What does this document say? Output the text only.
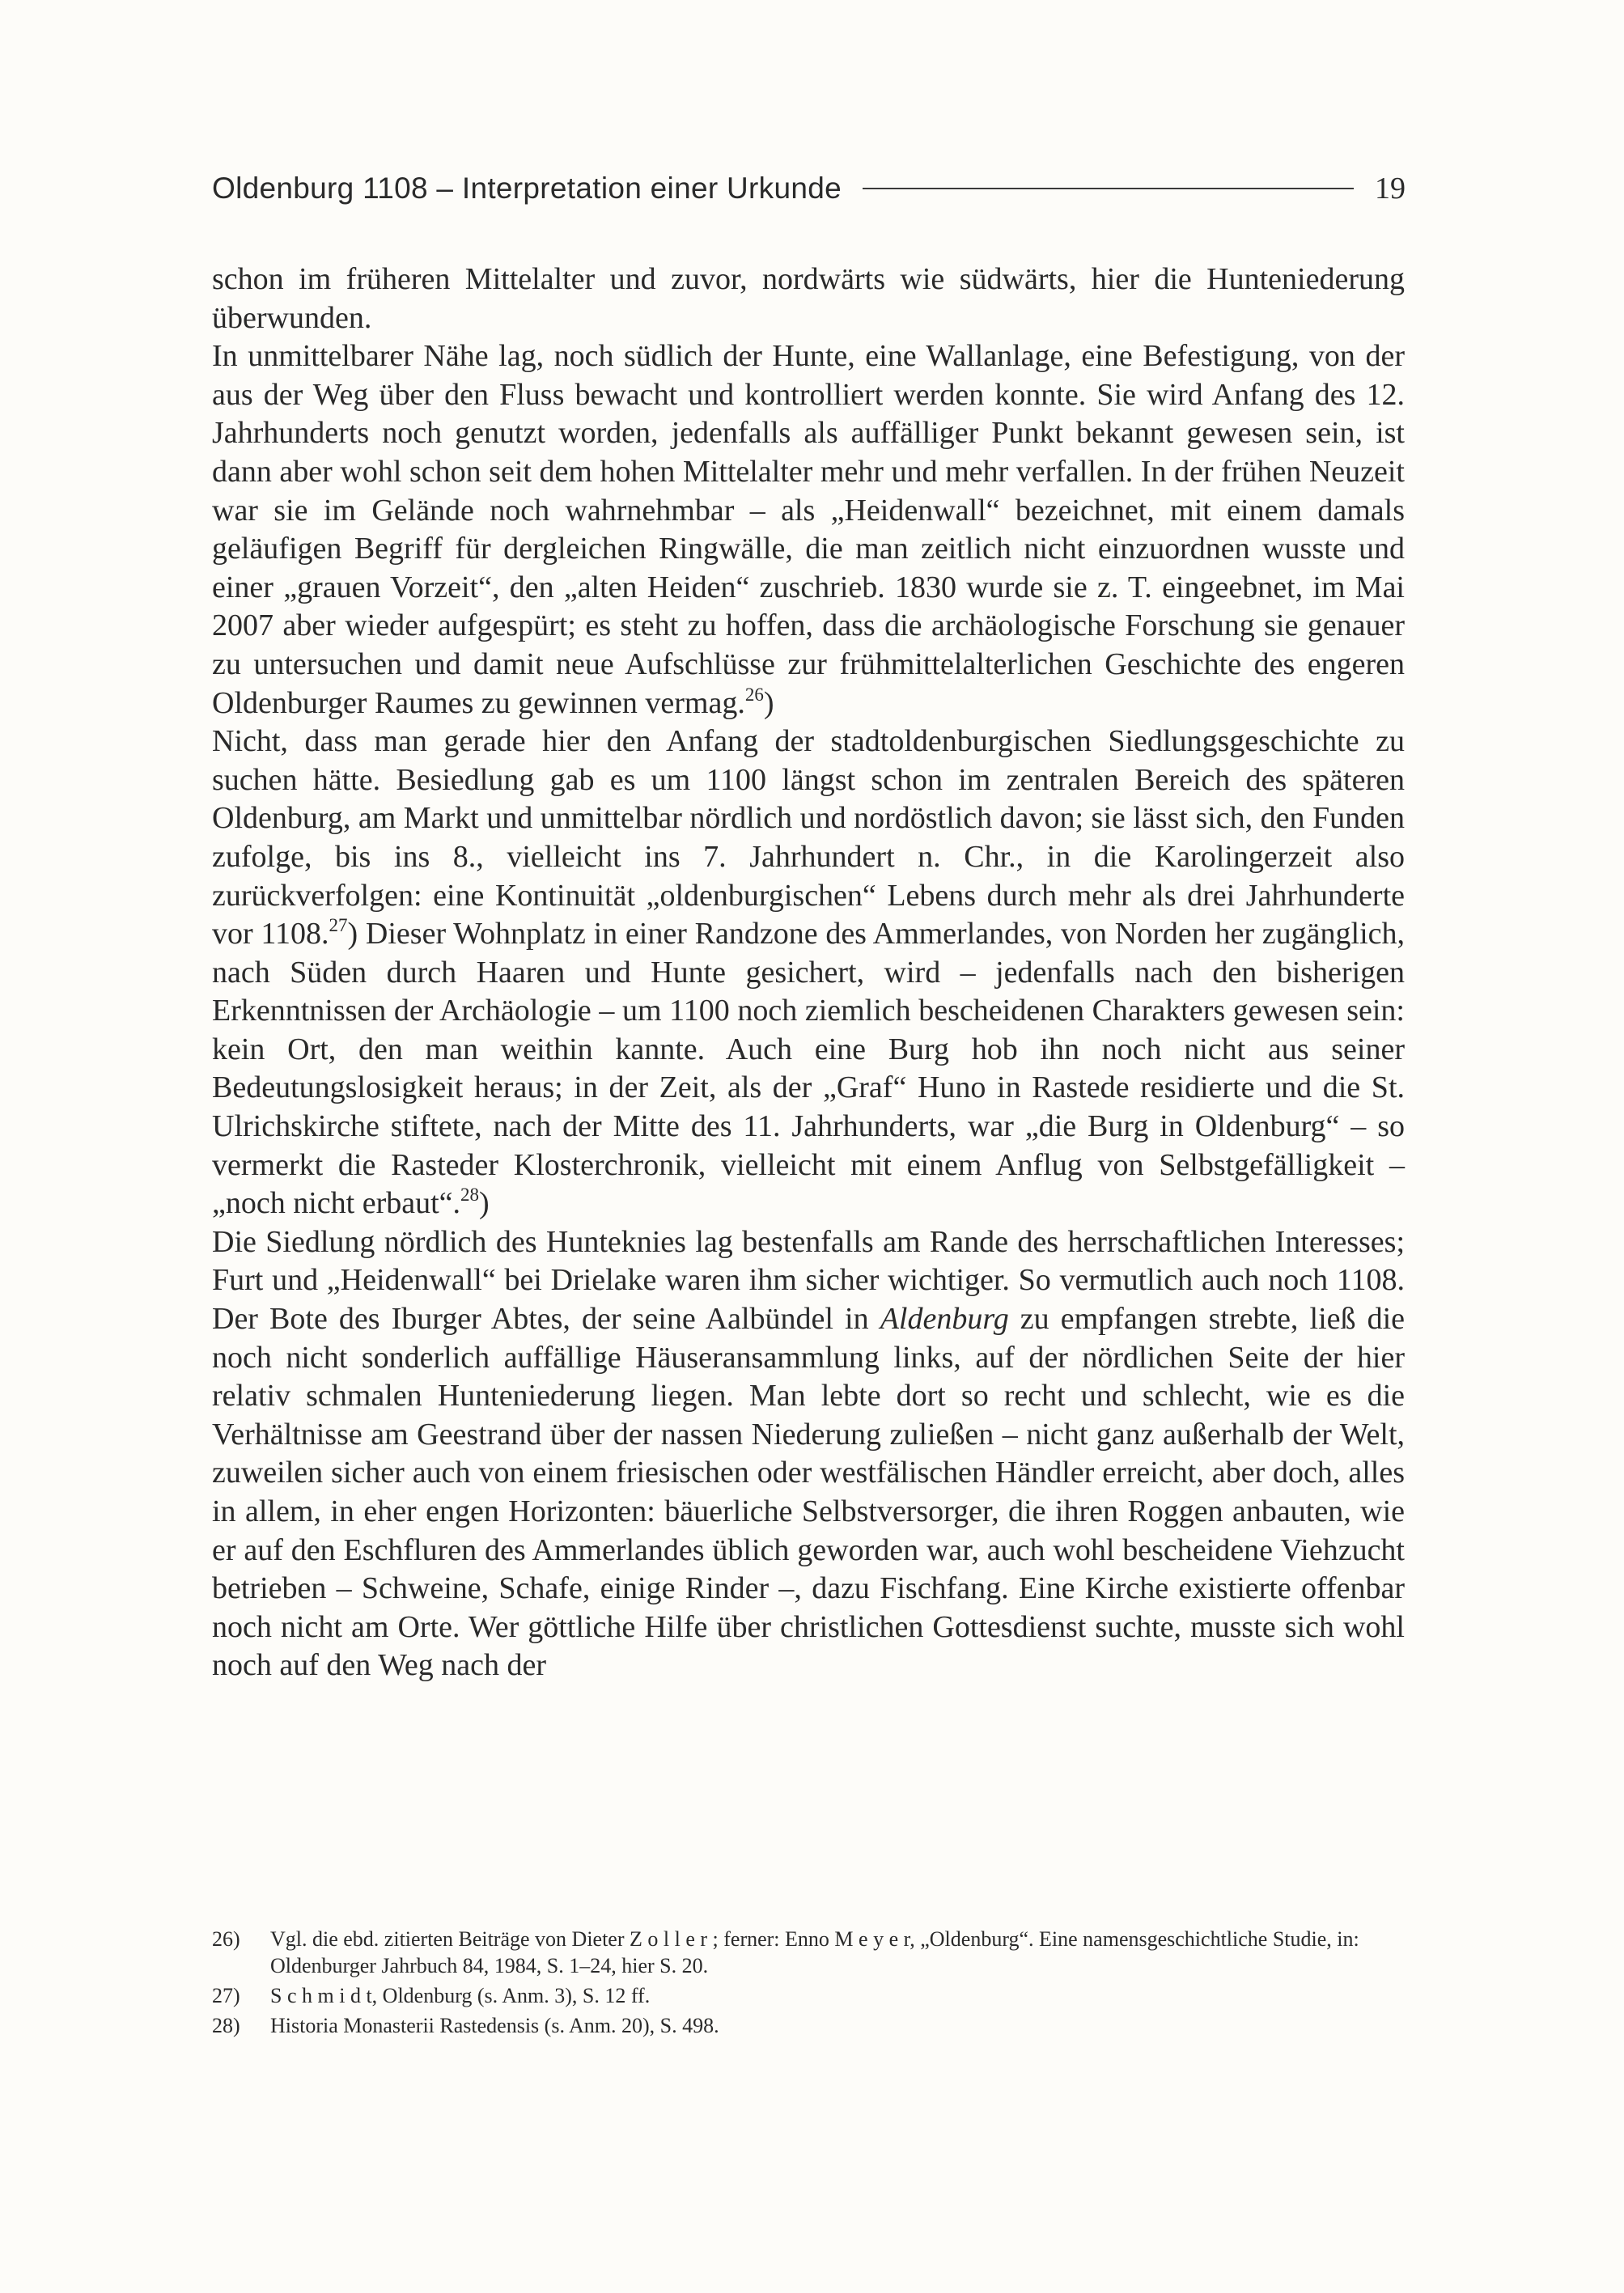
Oldenburg 1108 – Interpretation einer Urkunde	19

schon im früheren Mittelalter und zuvor, nordwärts wie südwärts, hier die Hunteniederung überwunden.

In unmittelbarer Nähe lag, noch südlich der Hunte, eine Wallanlage, eine Befestigung, von der aus der Weg über den Fluss bewacht und kontrolliert werden konnte. Sie wird Anfang des 12. Jahrhunderts noch genutzt worden, jedenfalls als auffälliger Punkt bekannt gewesen sein, ist dann aber wohl schon seit dem hohen Mittelalter mehr und mehr verfallen. In der frühen Neuzeit war sie im Gelände noch wahrnehmbar – als „Heidenwall“ bezeichnet, mit einem damals geläufigen Begriff für dergleichen Ringwälle, die man zeitlich nicht einzuordnen wusste und einer „grauen Vorzeit“, den „alten Heiden“ zuschrieb. 1830 wurde sie z. T. eingeebnet, im Mai 2007 aber wieder aufgespürt; es steht zu hoffen, dass die archäologische Forschung sie genauer zu untersuchen und damit neue Aufschlüsse zur frühmittelalterlichen Geschichte des engeren Oldenburger Raumes zu gewinnen vermag.$^{26}$)

Nicht, dass man gerade hier den Anfang der stadtoldenburgischen Siedlungsgeschichte zu suchen hätte. Besiedlung gab es um 1100 längst schon im zentralen Bereich des späteren Oldenburg, am Markt und unmittelbar nördlich und nordöstlich davon; sie lässt sich, den Funden zufolge, bis ins 8., vielleicht ins 7. Jahrhundert n. Chr., in die Karolingerzeit also zurückverfolgen: eine Kontinuität „oldenburgischen“ Lebens durch mehr als drei Jahrhunderte vor 1108.27) Dieser Wohnplatz in einer Randzone des Ammerlandes, von Norden her zugänglich, nach Süden durch Haaren und Hunte gesichert, wird – jedenfalls nach den bisherigen Erkenntnissen der Archäologie – um 1100 noch ziemlich bescheidenen Charakters gewesen sein: kein Ort, den man weithin kannte. Auch eine Burg hob ihn noch nicht aus seiner Bedeutungslosigkeit heraus; in der Zeit, als der „Graf“ Huno in Rastede residierte und die St. Ulrichskirche stiftete, nach der Mitte des 11. Jahrhunderts, war „die Burg in Oldenburg“ – so vermerkt die Rasteder Klosterchronik, vielleicht mit einem Anflug von Selbstgefälligkeit – „noch nicht erbaut“.$^{28}$)

Die Siedlung nördlich des Hunteknies lag bestenfalls am Rande des herrschaftlichen Interesses; Furt und „Heidenwall“ bei Drielake waren ihm sicher wichtiger. So vermutlich auch noch 1108. Der Bote des Iburger Abtes, der seine Aalbündel in Aldenburg zu empfangen strebte, ließ die noch nicht sonderlich auffällige Häuseransammlung links, auf der nördlichen Seite der hier relativ schmalen Hunteniederung liegen. Man lebte dort so recht und schlecht, wie es die Verhältnisse am Geestrand über der nassen Niederung zuließen – nicht ganz außerhalb der Welt, zuweilen sicher auch von einem friesischen oder westfälischen Händler erreicht, aber doch, alles in allem, in eher engen Horizonten: bäuerliche Selbstversorger, die ihren Roggen anbauten, wie er auf den Eschfluren des Ammerlandes üblich geworden war, auch wohl bescheidene Viehzucht betrieben – Schweine, Schafe, einige Rinder –, dazu Fischfang. Eine Kirche existierte offenbar noch nicht am Orte. Wer göttliche Hilfe über christlichen Gottesdienst suchte, musste sich wohl noch auf den Weg nach der

26)	Vgl. die ebd. zitierten Beiträge von Dieter Z o l l e r ; ferner: Enno M e y e r, „Oldenburg“. Eine namensgeschichtliche Studie, in: Oldenburger Jahrbuch 84, 1984, S. 1–24, hier S. 20.
27)	S c h m i d t, Oldenburg (s. Anm. 3), S. 12 ff.
28)	Historia Monasterii Rastedensis (s. Anm. 20), S. 498.
